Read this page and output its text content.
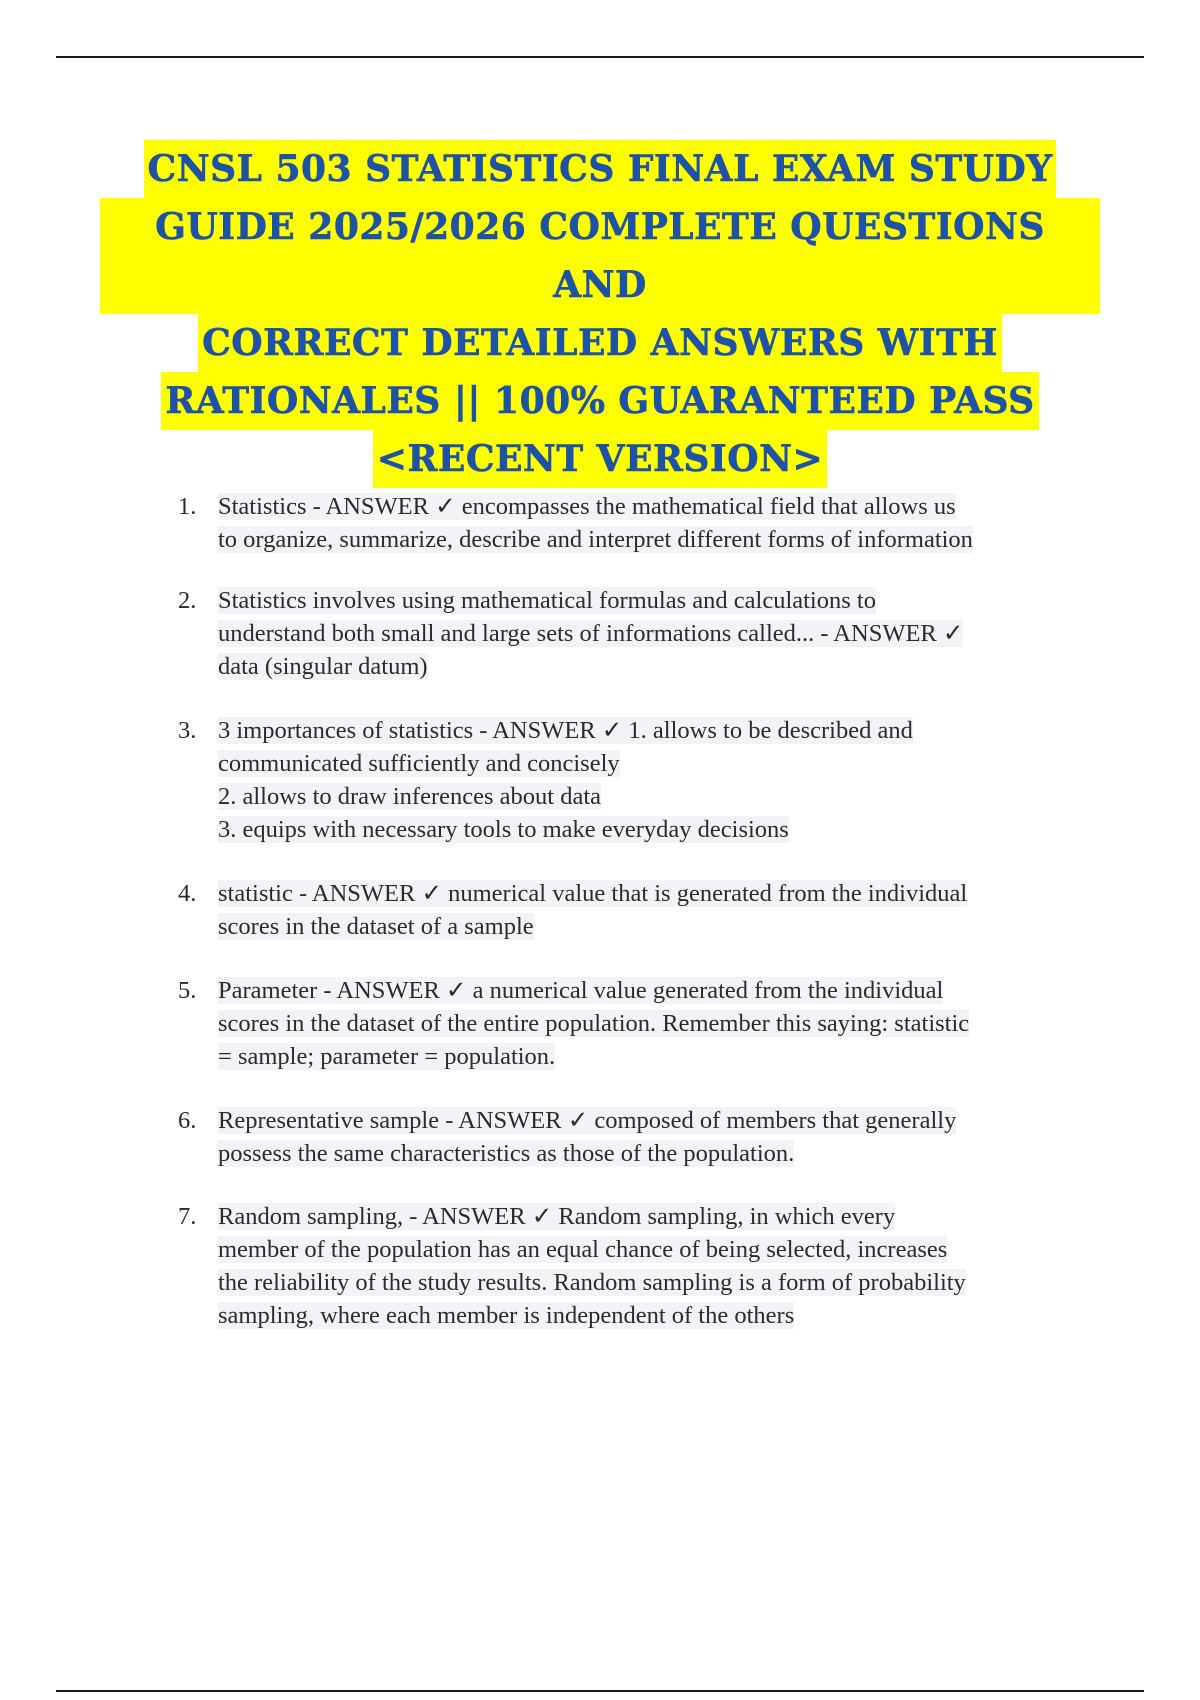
CNSL 503 STATISTICS FINAL EXAM STUDY
GUIDE 2025/2026 COMPLETE QUESTIONS AND
CORRECT DETAILED ANSWERS WITH
RATIONALES || 100% GUARANTEED PASS
<RECENT VERSION>
1. Statistics - ANSWER ✓ encompasses the mathematical field that allows us
to organize, summarize, describe and interpret different forms of information
2. Statistics involves using mathematical formulas and calculations to
understand both small and large sets of informations called... - ANSWER ✓
data (singular datum)
3. 3 importances of statistics - ANSWER ✓ 1. allows to be described and
communicated sufficiently and concisely
2. allows to draw inferences about data
3. equips with necessary tools to make everyday decisions
4. statistic - ANSWER ✓ numerical value that is generated from the individual
scores in the dataset of a sample
5. Parameter - ANSWER ✓ a numerical value generated from the individual
scores in the dataset of the entire population. Remember this saying: statistic
= sample; parameter = population.
6. Representative sample - ANSWER ✓ composed of members that generally
possess the same characteristics as those of the population.
7. Random sampling, - ANSWER ✓ Random sampling, in which every
member of the population has an equal chance of being selected, increases
the reliability of the study results. Random sampling is a form of probability
sampling, where each member is independent of the others
